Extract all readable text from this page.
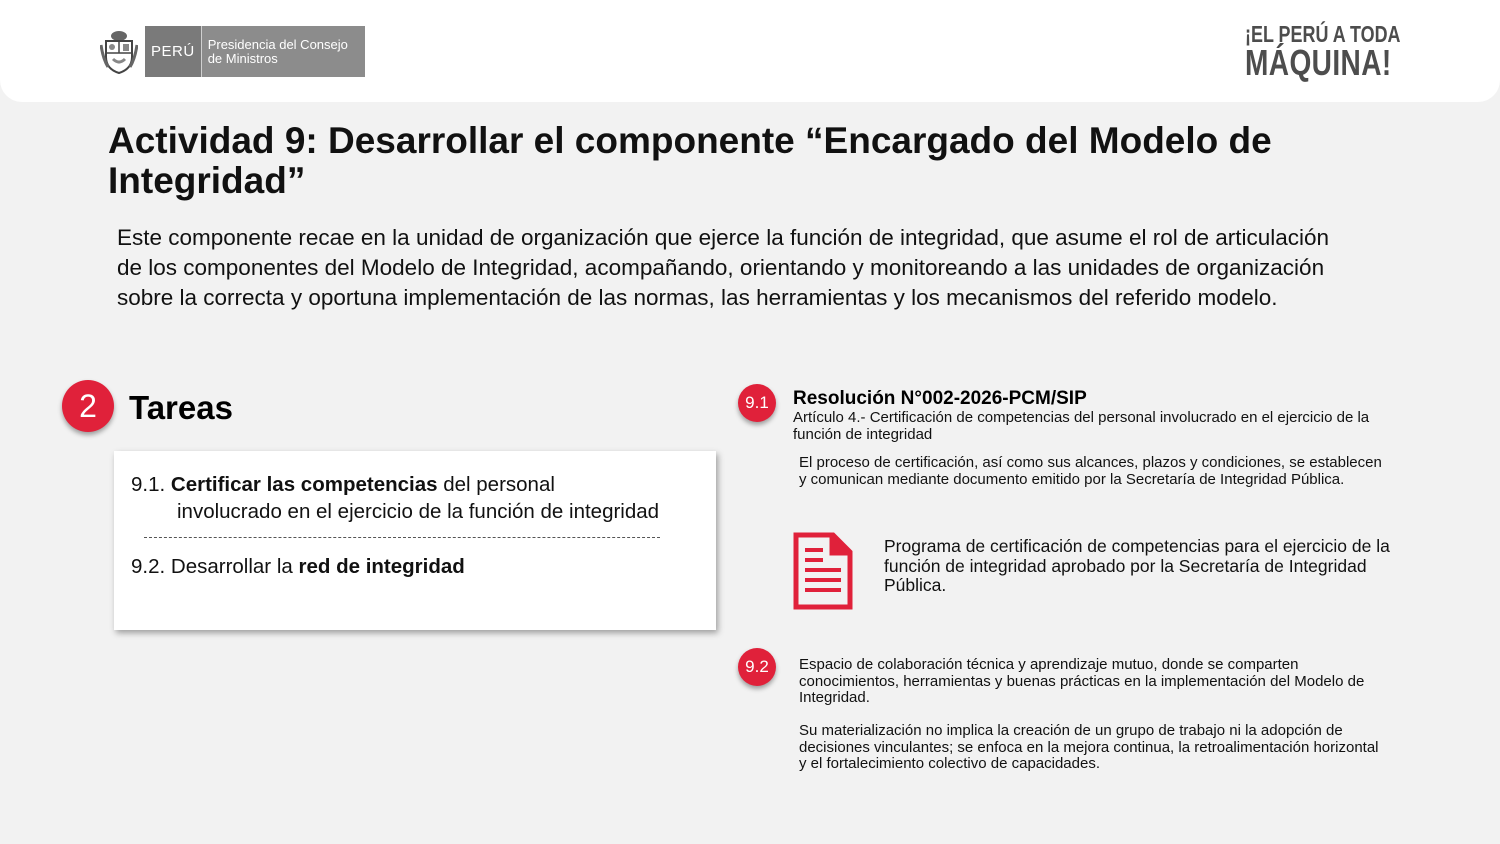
PERÚ	Presidencia del Consejo de Ministros
¡EL PERÚ A TODA
MÁQUINA!
Actividad 9: Desarrollar el componente “Encargado del Modelo de Integridad”

Este componente recae en la unidad de organización que ejerce la función de integridad, que asume el rol de articulación de los componentes del Modelo de Integridad, acompañando, orientando y monitoreando a las unidades de organización sobre la correcta y oportuna implementación de las normas, las herramientas y los mecanismos del referido modelo.

2 Tareas
9.1. Certificar las competencias del personal
involucrado en el ejercicio de la función de integridad
9.2. Desarrollar la red de integridad
9.1	Resolución N°002-2026-PCM/SIP
Artículo 4.- Certificación de competencias del personal involucrado en el ejercicio de la función de integridad
El proceso de certificación, así como sus alcances, plazos y condiciones, se establecen y comunican mediante documento emitido por la Secretaría de Integridad Pública.
Programa de certificación de competencias para el ejercicio de la función de integridad aprobado por la Secretaría de Integridad Pública.
9.2	Espacio de colaboración técnica y aprendizaje mutuo, donde se comparten conocimientos, herramientas y buenas prácticas en la implementación del Modelo de Integridad.
Su materialización no implica la creación de un grupo de trabajo ni la adopción de decisiones vinculantes; se enfoca en la mejora continua, la retroalimentación horizontal y el fortalecimiento colectivo de capacidades.
